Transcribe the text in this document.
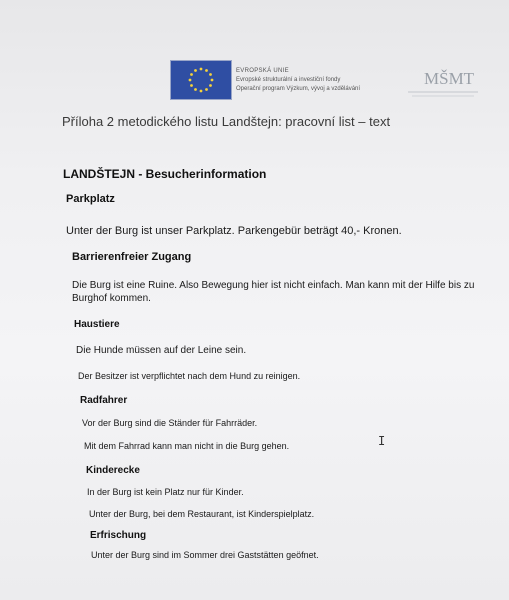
EVROPSKÁ UNIE
Evropské strukturální a investiční fondy
Operační program Výzkum, vývoj a vzdělávání
MŠMT
Příloha 2 metodického listu Landštejn: pracovní list – text
LANDŠTEJN - Besucherinformation
Parkplatz
Unter der Burg ist unser Parkplatz. Parkengebür beträgt 40,- Kronen.
Barrierenfreier Zugang
Die Burg ist eine Ruine. Also Bewegung hier ist nicht einfach. Man kann mit der Hilfe bis zu
Burghof kommen.
Haustiere
Die Hunde müssen auf der Leine sein.
Der Besitzer ist verpflichtet nach dem Hund zu reinigen.
Radfahrer
Vor der Burg sind die Ständer für Fahrräder.
Mit dem Fahrrad kann man nicht in die Burg gehen.
Kinderecke
In der Burg ist kein Platz nur für Kinder.
Unter der Burg, bei dem Restaurant, ist Kinderspielplatz.
Erfrischung
Unter der Burg sind im Sommer drei Gaststätten geöfnet.
I
